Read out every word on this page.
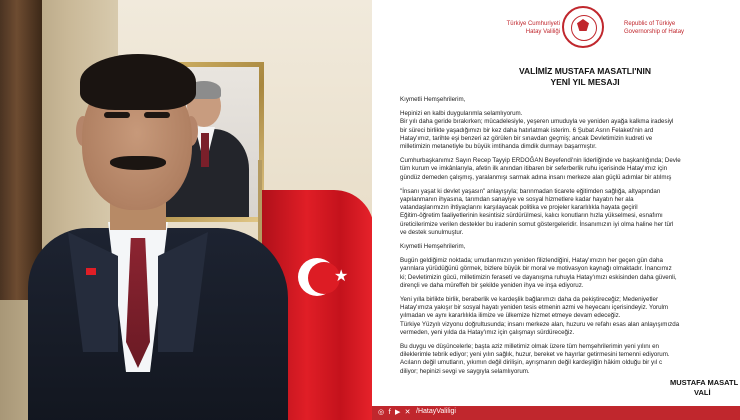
★
Türkiye Cumhuriyeti
Hatay Valiliği
Republic of Türkiye
Governorship of Hatay
VALİMİZ MUSTAFA MASATLI'NIN
YENİ YIL MESAJI

Kıymetli Hemşehrilerim,

Hepinizi en kalbi duygularımla selamlıyorum.

Bir yılı daha geride bırakırken; mücadelesiyle, yeşeren umuduyla ve yeniden ayağa kalkma iradesiyl

bir süreci birlikte yaşadığımızı bir kez daha hatırlatmak isterim. 6 Şubat Asrın Felaketi'nin ard

Hatay'ımız, tarihte eşi benzeri az görülen bir sınavdan geçmiş; ancak Devletimizin kudreti ve

milletimizin metanetiyle bu büyük imtihanda dimdik durmayı başarmıştır.

Cumhurbaşkanımız Sayın Recep Tayyip ERDOĞAN Beyefendi'nin liderliğinde ve başkanlığında; Devle

tüm kurum ve imkânlarıyla, afetin ilk anından itibaren bir seferberlik ruhu içerisinde Hatay'ımız için

gündüz demeden çalışmış, yaralanmışı sarmak adına insanı merkeze alan güçlü adımlar bir atılmış

"İnsanı yaşat ki devlet yaşasın" anlayışıyla; barınmadan ticarete eğitimden sağlığa, altyapından

yapılanmanın ihyasına, tarımdan sanayiye ve sosyal hizmetlere kadar hayatın her ala

vatandaşlarımızın ihtiyaçlarını karşılayacak politika ve projeler kararlılıkla hayata geçiril

Eğitim-öğretim faaliyetlerinin kesintisiz sürdürülmesi, kalıcı konutların hızla yükselmesi, esnafımı

üreticilerimize verilen destekler bu iradenin somut göstergeleridir. İnsanımızın iyi olma haline her türl

ve destek sunulmuştur.

Kıymetli Hemşehrilerim,

Bugün geldiğimiz noktada; umutlarımızın yeniden filizlendiğini, Hatay'ımızın her geçen gün daha

yarınlara yürüdüğünü görmek, bizlere büyük bir moral ve motivasyon kaynağı olmaktadır. İnancımız

ki; Devletimizin gücü, milletimizin ferasetí ve dayanışma ruhuyla Hatay'ımızı eskisinden daha güvenli,

dirençli ve daha müreffeh bir şekilde yeniden ihya ve inşa ediyoruz.

Yeni yılla birlikte birlik, beraberlik ve kardeşlik bağlarımızı daha da pekiştireceğiz; Medeniyetler

Hatay'ımıza yakışır bir sosyal hayatı yeniden tesis etmenin azmi ve heyecanı içerisindeyiz. Yorulm

yılmadan ve aynı kararlılıkla ilimize ve ülkemize hizmet etmeye devam edeceğiz.

Türkiye Yüzyılı vizyonu doğrultusunda; insanı merkeze alan, huzuru ve refahı esas alan anlayışımızda

vermeden, yeni yılda da Hatay'ımız için çalışmayı sürdüreceğiz.

Bu duygu ve düşüncelerle; başta aziz milletimiz olmak üzere tüm hemşehrilerimin yeni yılını en

dileklerimle tebrik ediyor; yeni yılın sağlık, huzur, bereket ve hayırlar getirmesini temenni ediyorum.

Acıların değil umutların, yıkımın değil dirilişin, ayrışmanın değil kardeşliğin hâkim olduğu bir yıl c

diliyor; hepinizi sevgi ve saygıyla selamlıyorum.

MUSTAFA MASATL
VALİ
◎ f ▶ ✕ /HatayValiligi
